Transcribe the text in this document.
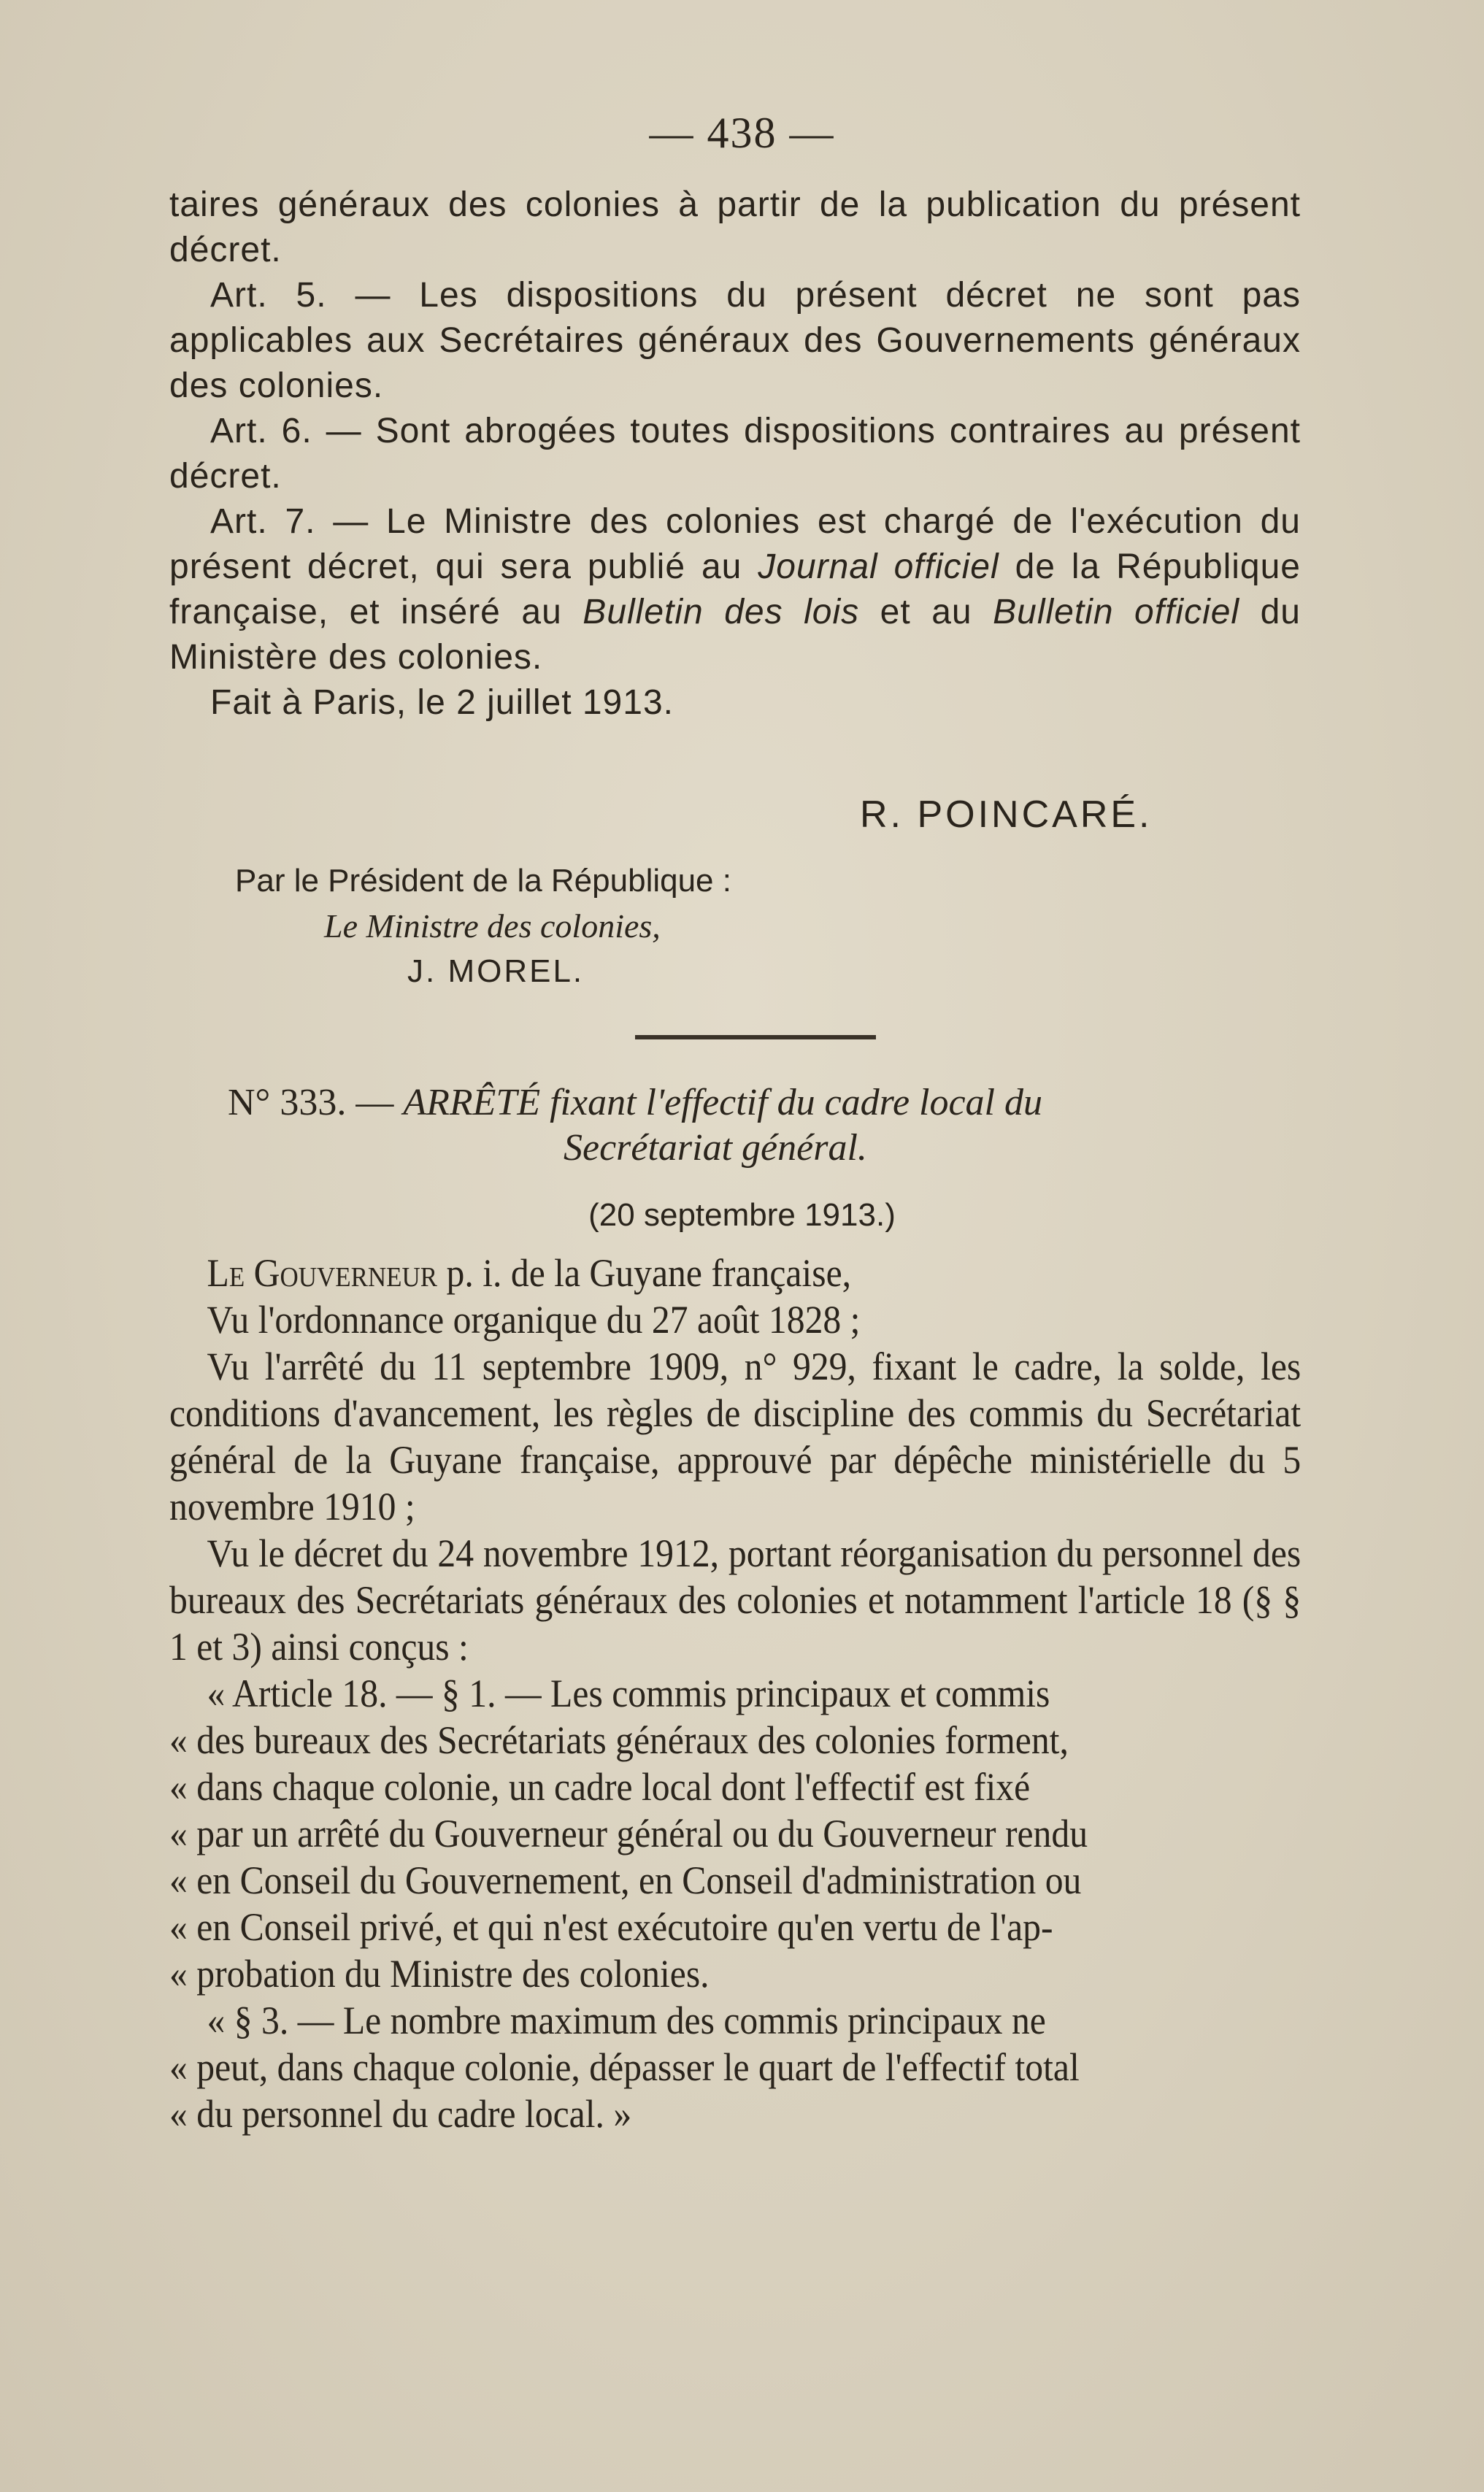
— 438 —

taires généraux des colonies à partir de la publication du présent décret.

Art. 5. — Les dispositions du présent décret ne sont pas applicables aux Secrétaires généraux des Gouvernements généraux des colonies.

Art. 6. — Sont abrogées toutes dispositions contraires au présent décret.

Art. 7. — Le Ministre des colonies est chargé de l'exécution du présent décret, qui sera publié au Journal officiel de la République française, et inséré au Bulletin des lois et au Bulletin officiel du Ministère des colonies.

Fait à Paris, le 2 juillet 1913.

R. POINCARÉ.
Par le Président de la République :
Le Ministre des colonies,
J. MOREL.
N° 333. — ARRÊTÉ fixant l'effectif du cadre local du
Secrétariat général.
(20 septembre 1913.)

Le Gouverneur p. i. de la Guyane française,

Vu l'ordonnance organique du 27 août 1828 ;

Vu l'arrêté du 11 septembre 1909, n° 929, fixant le cadre, la solde, les conditions d'avancement, les règles de discipline des commis du Secrétariat général de la Guyane française, approuvé par dépêche ministérielle du 5 novembre 1910 ;

Vu le décret du 24 novembre 1912, portant réorganisation du personnel des bureaux des Secrétariats généraux des colonies et notamment l'article 18 (§ § 1 et 3) ainsi conçus :

« Article 18. — § 1. — Les commis principaux et commis

« des bureaux des Secrétariats généraux des colonies forment,

« dans chaque colonie, un cadre local dont l'effectif est fixé

« par un arrêté du Gouverneur général ou du Gouverneur rendu

« en Conseil du Gouvernement, en Conseil d'administration ou

« en Conseil privé, et qui n'est exécutoire qu'en vertu de l'ap-

« probation du Ministre des colonies.

« § 3. — Le nombre maximum des commis principaux ne

« peut, dans chaque colonie, dépasser le quart de l'effectif total

« du personnel du cadre local. »
